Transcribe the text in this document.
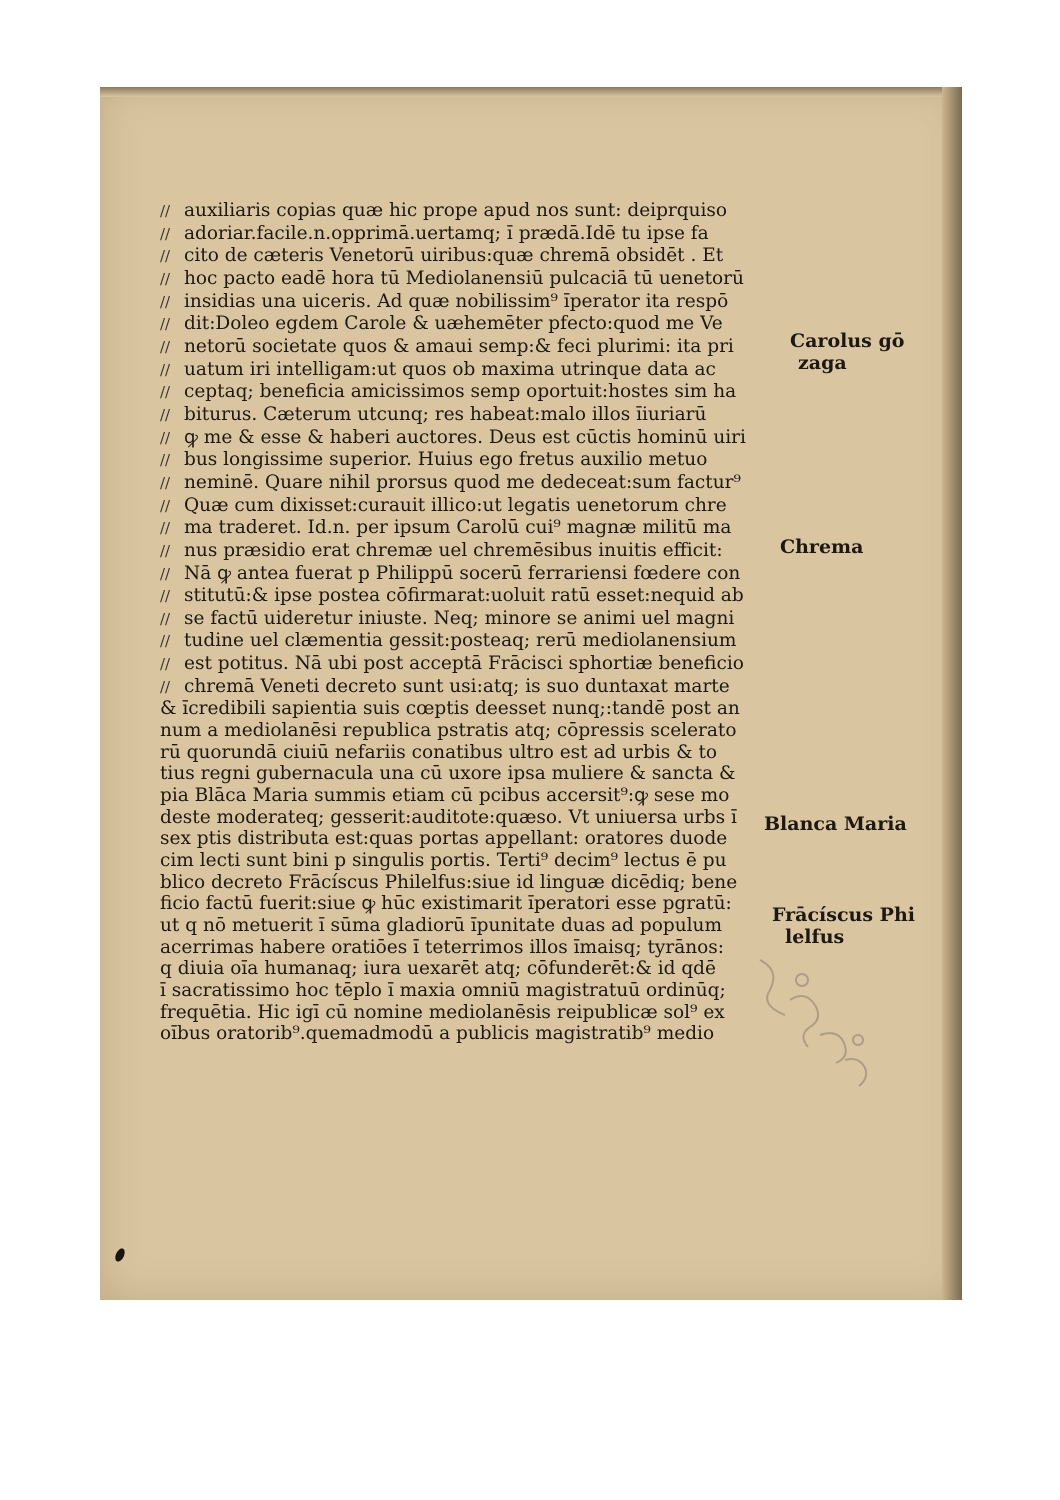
// auxiliaris copias quæ hic prope apud nos sunt: deiprquiso
// adoriar.facile.n.opprimā.uertamq; ı̄ prædā.Idē tu ipse fa
// cito de cæteris Venetorū uiribus:quæ chremā obsidēt . Et
// hoc pacto eadē hora tū Mediolanensiū pulcaciā tū uenetorū
// insidias una uiceris. Ad quæ nobilissim⁹ ı̄perator ita respō
// dit:Doleo egdem Carole & uæhemēter pfecto:quod me Ve
// netorū societate quos & amaui semp:& feci plurimi: ita pri
// uatum iri intelligam:ut quos ob maxima utrinque data ac
// ceptaq; beneficia amicissimos semp oportuit:hostes sim ha
// biturus. Cæterum utcunq; res habeat:malo illos ı̄iuriarū
// ꝙ me & esse & haberi auctores. Deus est cūctis hominū uiri
// bus longissime superior. Huius ego fretus auxilio metuo
// neminē. Quare nihil prorsus quod me dedeceat:sum factur⁹
// Quæ cum dixisset:curauit illico:ut legatis uenetorum chre
// ma traderet. Id.n. per ipsum Carolū cui⁹ magnæ militū ma
// nus præsidio erat chremæ uel chremēsibus inuitis efficit:
// Nā ꝙ antea fuerat p Philippū socerū ferrariensi fœdere con
// stitutū:& ipse postea cōfirmarat:uoluit ratū esset:nequid ab
// se factū uideretur iniuste. Neq; minore se animi uel magni
// tudine uel clæmentia gessit:posteaq; rerū mediolanensium
// est potitus. Nā ubi post acceptā Frācisci sphortiæ beneficio
// chremā Veneti decreto sunt usi:atq; is suo duntaxat marte
& ı̄credibili sapientia suis cœptis deesset nunq;:tandē post an
num a mediolanēsi republica pstratis atq; cōpressis scelerato
rū quorundā ciuiū nefariis conatibus ultro est ad urbis & to
tius regni gubernacula una cū uxore ipsa muliere & sancta &
pia Blāca Maria summis etiam cū pcibus accersit⁹:ꝙ sese mo
deste moderateq; gesserit:auditote:quæso. Vt uniuersa urbs ı̄
sex ptis distributa est:quas portas appellant: oratores duode
cim lecti sunt bini p singulis portis. Terti⁹ decim⁹ lectus ē pu
blico decreto Frācíscus Philelfus:siue id linguæ dicēdiq; bene
ficio factū fuerit:siue ꝙ hūc existimarit ı̄peratori esse pgratū:
ut q nō metuerit ı̄ sūma gladiorū ı̄punitate duas ad populum
acerrimas habere oratiōes ı̄ teterrimos illos ı̄maisq; tyrānos:
q diuia oı̄a humanaq; iura uexarēt atq; cōfunderēt:& id qdē
ı̄ sacratissimo hoc tēplo ı̄ maxia omniū magistratuū ordinūq;
frequētia. Hic igī cū nomine mediolanēsis reipublicæ sol⁹ ex
oı̄bus oratorib⁹.quemadmodū a publicis magistratib⁹ medio
Carolus gō
zaga
Chrema
Blanca Maria
Frācíscus Phi
lelfus
